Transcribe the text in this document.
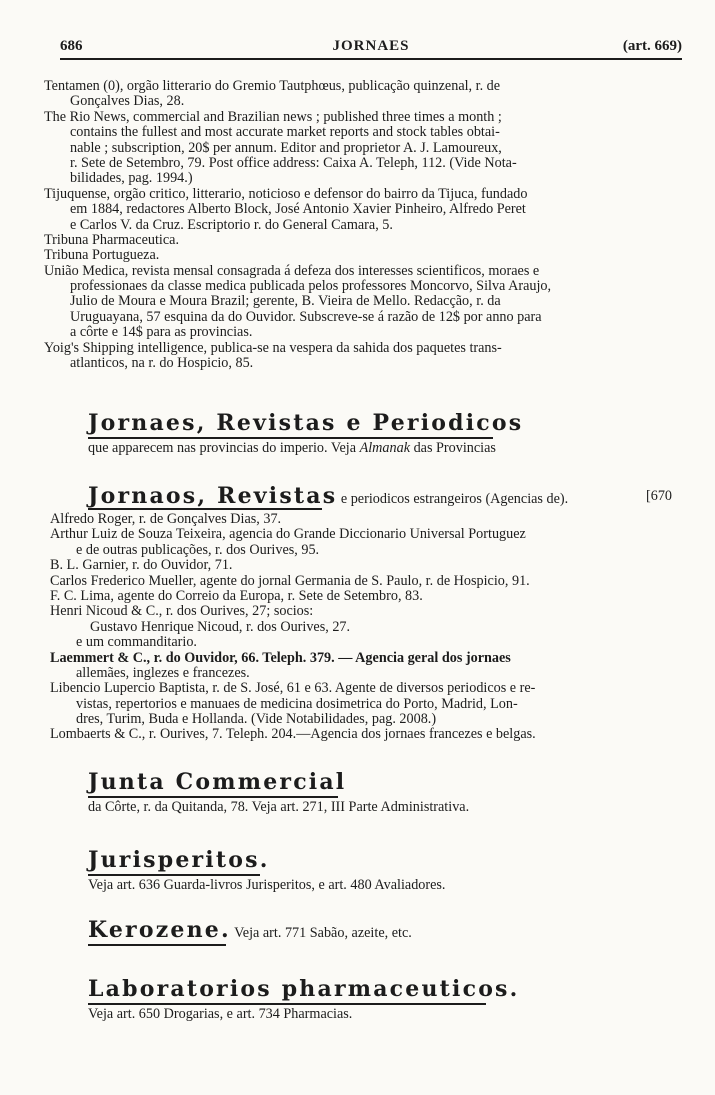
686	JORNAES	(art. 669)
Tentamen (0), orgão litterario do Gremio Tautphœus, publicação quinzenal, r. de
Gonçalves Dias, 28.
The Rio News, commercial and Brazilian news ; published three times a month ;
contains the fullest and most accurate market reports and stock tables obtai-
nable ; subscription, 20$ per annum. Editor and proprietor A. J. Lamoureux,
r. Sete de Setembro, 79. Post office address: Caixa A. Teleph, 112. (Vide Nota-
bilidades, pag. 1994.)
Tijuquense, orgão critico, litterario, noticioso e defensor do bairro da Tijuca, fundado
em 1884, redactores Alberto Block, José Antonio Xavier Pinheiro, Alfredo Peret
e Carlos V. da Cruz. Escriptorio r. do General Camara, 5.
Tribuna Pharmaceutica.
Tribuna Portugueza.
União Medica, revista mensal consagrada á defeza dos interesses scientificos, moraes e
professionaes da classe medica publicada pelos professores Moncorvo, Silva Araujo,
Julio de Moura e Moura Brazil; gerente, B. Vieira de Mello. Redacção, r. da
Uruguayana, 57 esquina da do Ouvidor. Subscreve-se á razão de 12$ por anno para
a côrte e 14$ para as provincias.
Yoig's Shipping intelligence, publica-se na vespera da sahida dos paquetes trans-
atlanticos, na r. do Hospicio, 85.
Jornaes, Revistas e Periodicos
que apparecem nas provincias do imperio. Veja Almanak das Provincias
Jornaos, Revistas e periodicos estrangeiros (Agencias de).	[670
Alfredo Roger, r. de Gonçalves Dias, 37.
Arthur Luiz de Souza Teixeira, agencia do Grande Diccionario Universal Portuguez
e de outras publicações, r. dos Ourives, 95.
B. L. Garnier, r. do Ouvidor, 71.
Carlos Frederico Mueller, agente do jornal Germania de S. Paulo, r. de Hospicio, 91.
F. C. Lima, agente do Correio da Europa, r. Sete de Setembro, 83.
Henri Nicoud & C., r. dos Ourives, 27; socios:
Gustavo Henrique Nicoud, r. dos Ourives, 27.
e um commanditario.
Laemmert & C., r. do Ouvidor, 66. Teleph. 379. — Agencia geral dos jornaes
allemães, inglezes e francezes.
Libencio Lupercio Baptista, r. de S. José, 61 e 63. Agente de diversos periodicos e re-
vistas, repertorios e manuaes de medicina dosimetrica do Porto, Madrid, Lon-
dres, Turim, Buda e Hollanda. (Vide Notabilidades, pag. 2008.)
Lombaerts & C., r. Ourives, 7. Teleph. 204.—Agencia dos jornaes francezes e belgas.
Junta Commercial
da Côrte, r. da Quitanda, 78. Veja art. 271, III Parte Administrativa.
Jurisperitos.
Veja art. 636 Guarda-livros Jurisperitos, e art. 480 Avaliadores.
Kerozene. Veja art. 771 Sabão, azeite, etc.
Laboratorios pharmaceuticos.
Veja art. 650 Drogarias, e art. 734 Pharmacias.
